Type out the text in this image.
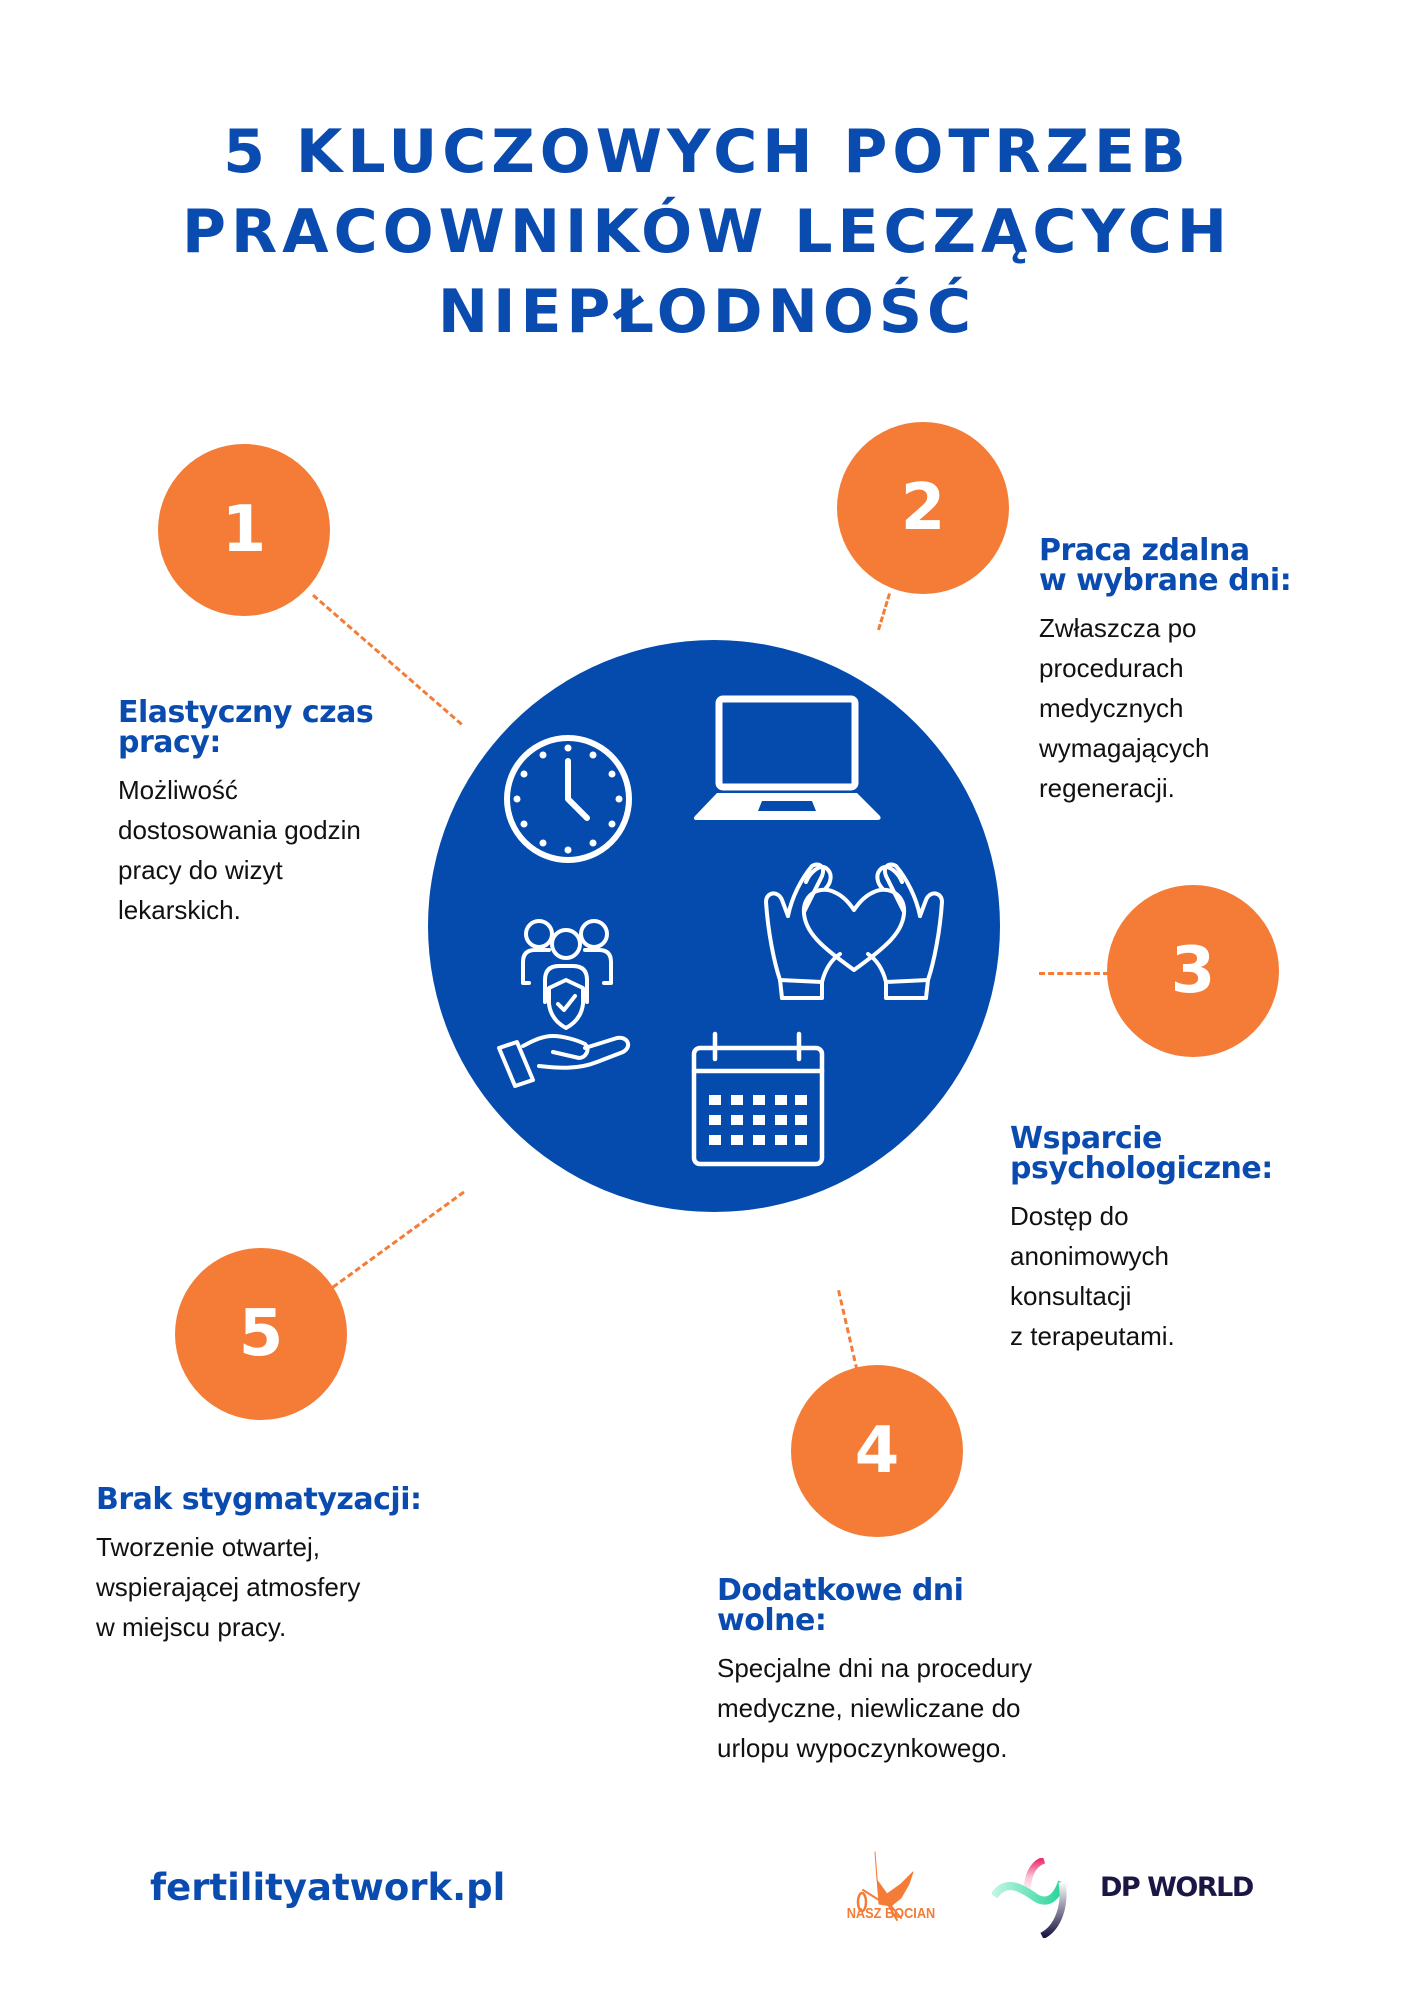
5 KLUCZOWYCH POTRZEB
PRACOWNIKÓW LECZĄCYCH
NIEPŁODNOŚĆ
1	2
3
4
5
Elastyczny czas
pracy:

Możliwość
dostosowania godzin
pracy do wizyt
lekarskich.

Praca zdalna
w wybrane dni:

Zwłaszcza po
procedurach
medycznych
wymagających
regeneracji.

Wsparcie
psychologiczne:

Dostęp do
anonimowych
konsultacji
z terapeutami.

Dodatkowe dni
wolne:

Specjalne dni na procedury
medyczne, niewliczane do
urlopu wypoczynkowego.

Brak stygmatyzacji:

Tworzenie otwartej,
wspierającej atmosfery
w miejscu pracy.

fertilityatwork.pl
NASZ BOCIAN
DP WORLD
